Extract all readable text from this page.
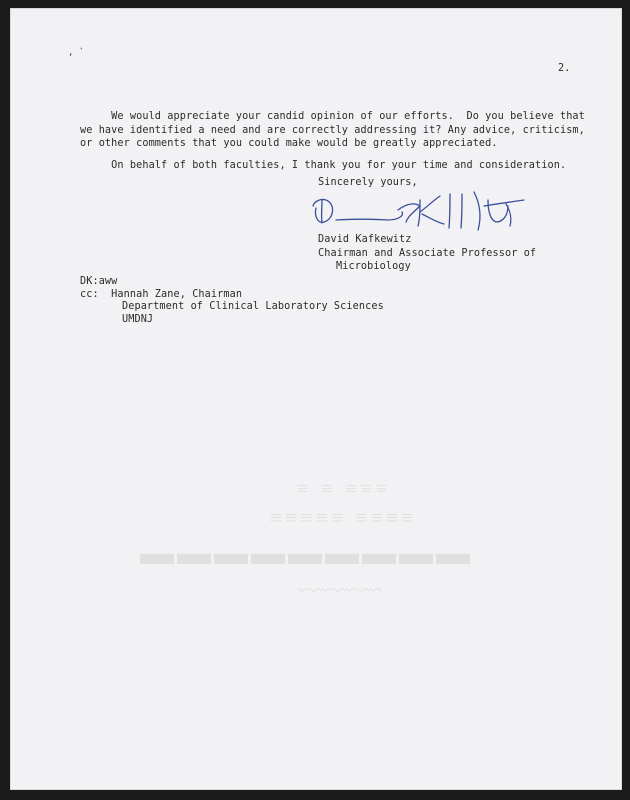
, `
2.
We would appreciate your candid opinion of our efforts.  Do you believe that
we have identified a need and are correctly addressing it? Any advice, criticism,
or other comments that you could make would be greatly appreciated.
On behalf of both faculties, I thank you for your time and consideration.
Sincerely yours,
David Kafkewitz
Chairman and Associate Professor of
Microbiology
DK:aww
cc:  Hannah Zane, Chairman
Department of Clinical Laboratory Sciences
UMDNJ
≡≡≡ ≡ ≡
≡≡≡≡ ≡≡≡≡≡
▬▬▬▬▬▬▬▬▬
~~~~~~~
